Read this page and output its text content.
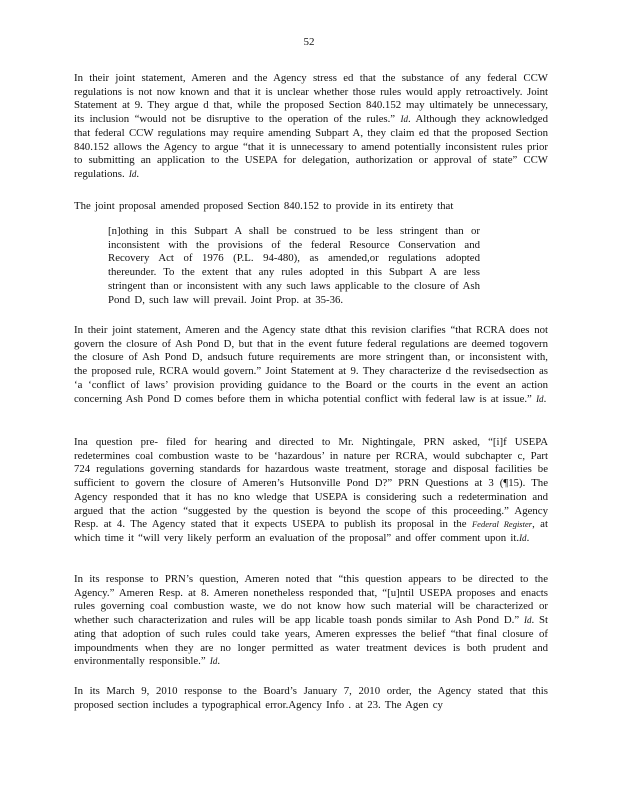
52

In their joint statement, Ameren and the Agency stress ed that the substance of any federal CCW regulations is not now known and that it is unclear whether those rules would apply retroactively. Joint Statement at 9. They argue d that, while the proposed Section 840.152 may ultimately be unnecessary, its inclusion “would not be disruptive to the operation of the rules.” Id. Although they acknowledged that federal CCW regulations may require amending Subpart A, they claim ed that the proposed Section 840.152 allows the Agency to argue “that it is unnecessary to amend potentially inconsistent rules prior to submitting an application to the USEPA for delegation, authorization or approval of state” CCW regulations. Id.

The joint proposal amended proposed Section 840.152 to provide in its entirety that

[n]othing in this Subpart A shall be construed to be less stringent than or inconsistent with the provisions of the federal Resource Conservation and Recovery Act of 1976 (P.L. 94-480), as amended,or regulations adopted thereunder. To the extent that any rules adopted in this Subpart A are less stringent than or inconsistent with any such laws applicable to the closure of Ash Pond D, such law will prevail. Joint Prop. at 35-36.

In their joint statement, Ameren and the Agency state dthat this revision clarifies “that RCRA does not govern the closure of Ash Pond D, but that in the event future federal regulations are deemed togovern the closure of Ash Pond D, andsuch future requirements are more stringent than, or inconsistent with, the proposed rule, RCRA would govern.” Joint Statement at 9. They characterize d the revisedsection as ‘a ‘conflict of laws’ provision providing guidance to the Board or the courts in the event an action concerning Ash Pond D comes before them in whicha potential conflict with federal law is at issue.” Id.

Ina question pre- filed for hearing and directed to Mr. Nightingale, PRN asked, “[i]f USEPA redetermines coal combustion waste to be ‘hazardous’ in nature per RCRA, would subchapter c, Part 724 regulations governing standards for hazardous waste treatment, storage and disposal facilities be sufficient to govern the closure of Ameren’s Hutsonville Pond D?” PRN Questions at 3 (¶15). The Agency responded that it has no kno wledge that USEPA is considering such a redetermination and argued that the action “suggested by the question is beyond the scope of this proceeding.” Agency Resp. at 4. The Agency stated that it expects USEPA to publish its proposal in the Federal Register, at which time it “will very likely perform an evaluation of the proposal” and offer comment upon it.Id.

In its response to PRN’s question, Ameren noted that “this question appears to be directed to the Agency.” Ameren Resp. at 8. Ameren nonetheless responded that, “[u]ntil USEPA proposes and enacts rules governing coal combustion waste, we do not know how such material will be characterized or whether such characterization and rules will be app licable toash ponds similar to Ash Pond D.” Id. St ating that adoption of such rules could take years, Ameren expresses the belief “that final closure of impoundments when they are no longer permitted as water treatment devices is both prudent and environmentally responsible.” Id.

In its March 9, 2010 response to the Board’s January 7, 2010 order, the Agency stated that this proposed section includes a typographical error.Agency Info . at 23. The Agen cy
